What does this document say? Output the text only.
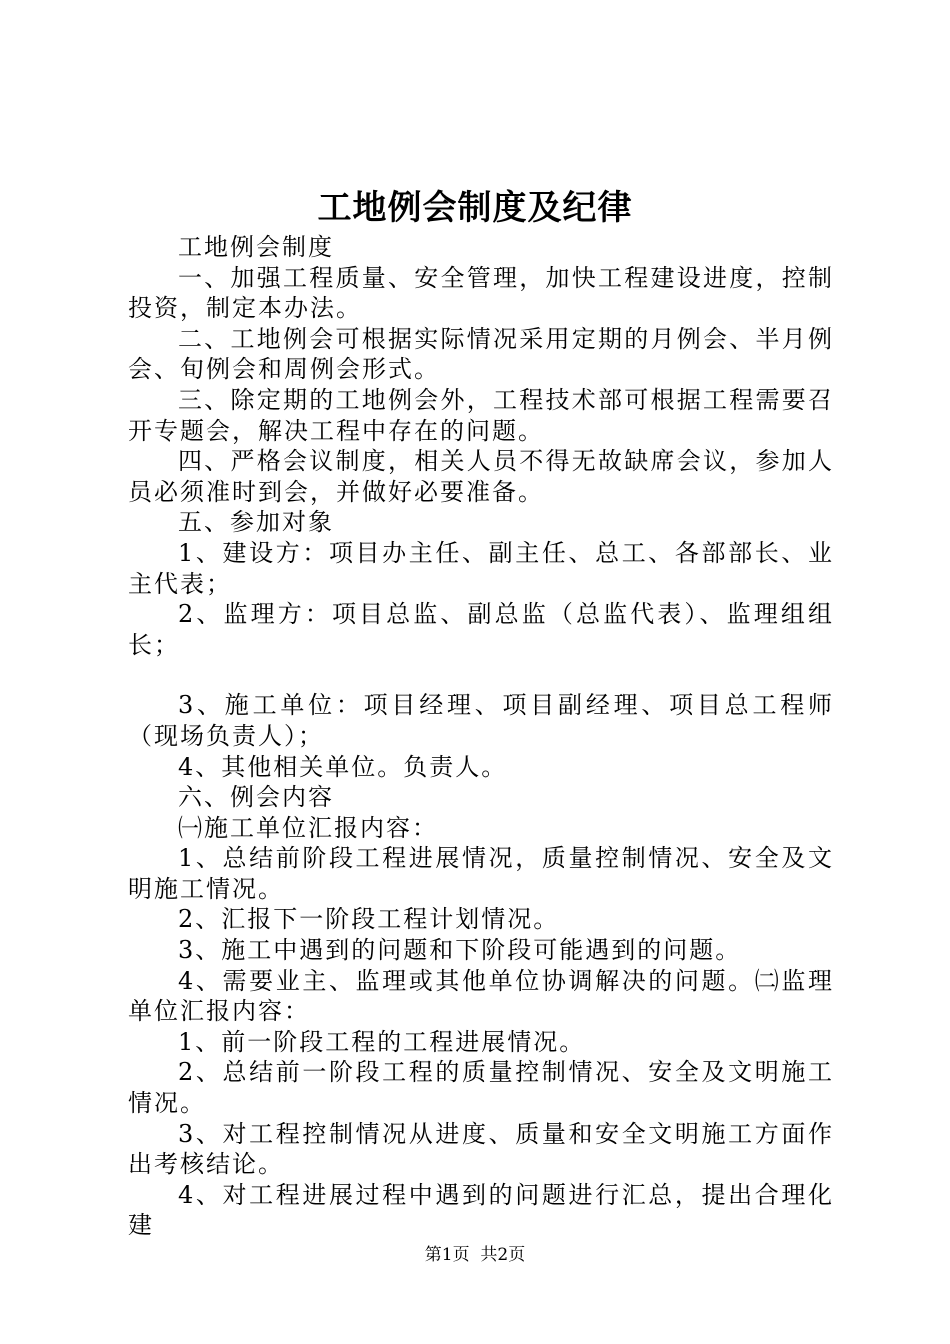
工地例会制度及纪律

工地例会制度

一、加强工程质量、安全管理，加快工程建设进度，控制投资，制定本办法。

二、工地例会可根据实际情况采用定期的月例会、半月例会、旬例会和周例会形式。

三、除定期的工地例会外，工程技术部可根据工程需要召开专题会，解决工程中存在的问题。

四、严格会议制度，相关人员不得无故缺席会议，参加人员必须准时到会，并做好必要准备。

五、参加对象

1、建设方：项目办主任、副主任、总工、各部部长、业主代表；

2、监理方：项目总监、副总监（总监代表）、监理组组长；

3、施工单位：项目经理、项目副经理、项目总工程师（现场负责人）；

4、其他相关单位。负责人。

六、例会内容

㈠施工单位汇报内容：

1、总结前阶段工程进展情况，质量控制情况、安全及文明施工情况。

2、汇报下一阶段工程计划情况。

3、施工中遇到的问题和下阶段可能遇到的问题。

4、需要业主、监理或其他单位协调解决的问题。㈡监理单位汇报内容：

1、前一阶段工程的工程进展情况。

2、总结前一阶段工程的质量控制情况、安全及文明施工情况。

3、对工程控制情况从进度、质量和安全文明施工方面作出考核结论。

4、对工程进展过程中遇到的问题进行汇总，提出合理化建

第1页 共2页
